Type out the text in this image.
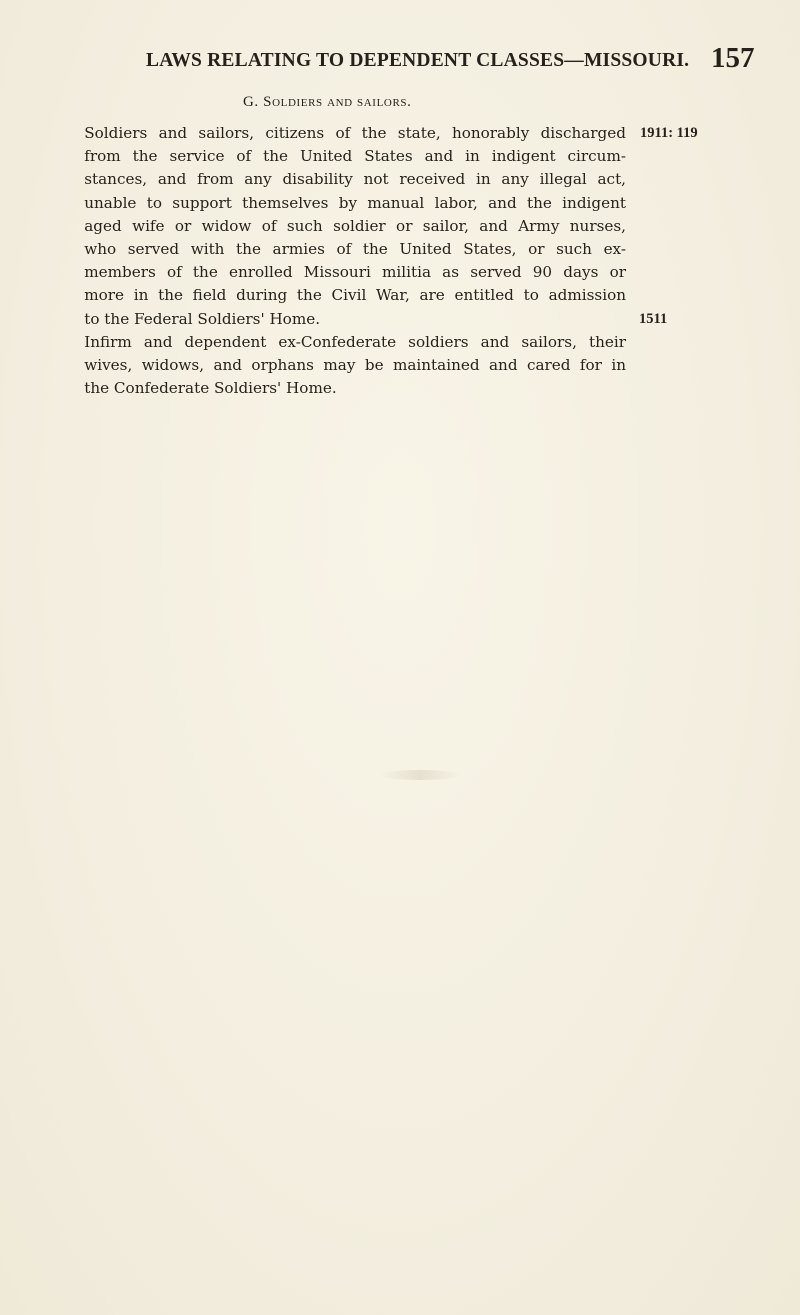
LAWS RELATING TO DEPENDENT CLASSES—MISSOURI. 157
G. Soldiers and sailors.

Soldiers and sailors, citizens of the state, honorably discharged
from the service of the United States and in indigent circum-
stances, and from any disability not received in any illegal act,
unable to support themselves by manual labor, and the indigent
aged wife or widow of such soldier or sailor, and Army nurses,
who served with the armies of the United States, or such ex-
members of the enrolled Missouri militia as served 90 days or
more in the field during the Civil War, are entitled to admission
to the Federal Soldiers' Home.

Infirm and dependent ex-Confederate soldiers and sailors, their
wives, widows, and orphans may be maintained and cared for in
the Confederate Soldiers' Home.

1911: 119
1511
